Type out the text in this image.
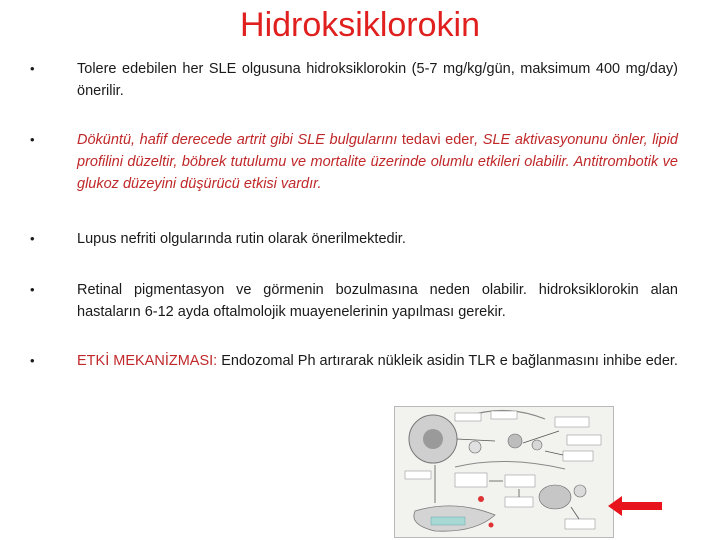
Hidroksiklorokin
•	Tolere edebilen her SLE olgusuna hidroksiklorokin (5-7 mg/kg/gün, maksimum 400 mg/day) önerilir.
•	Döküntü, hafif derecede artrit gibi SLE bulgularını tedavi eder, SLE aktivasyonunu önler, lipid profilini düzeltir, böbrek tutulumu ve mortalite üzerinde olumlu etkileri olabilir. Antitrombotik ve glukoz düzeyini düşürücü etkisi vardır.
•	Lupus nefriti olgularında rutin olarak önerilmektedir.
•	Retinal pigmentasyon ve görmenin bozulmasına neden olabilir. hidroksiklorokin alan hastaların 6-12 ayda oftalmolojik muayenelerinin yapılması gerekir.
•	ETKİ MEKANİZMASI: Endozomal Ph artırarak nükleik asidin TLR e bağlanmasını inhibe eder.
